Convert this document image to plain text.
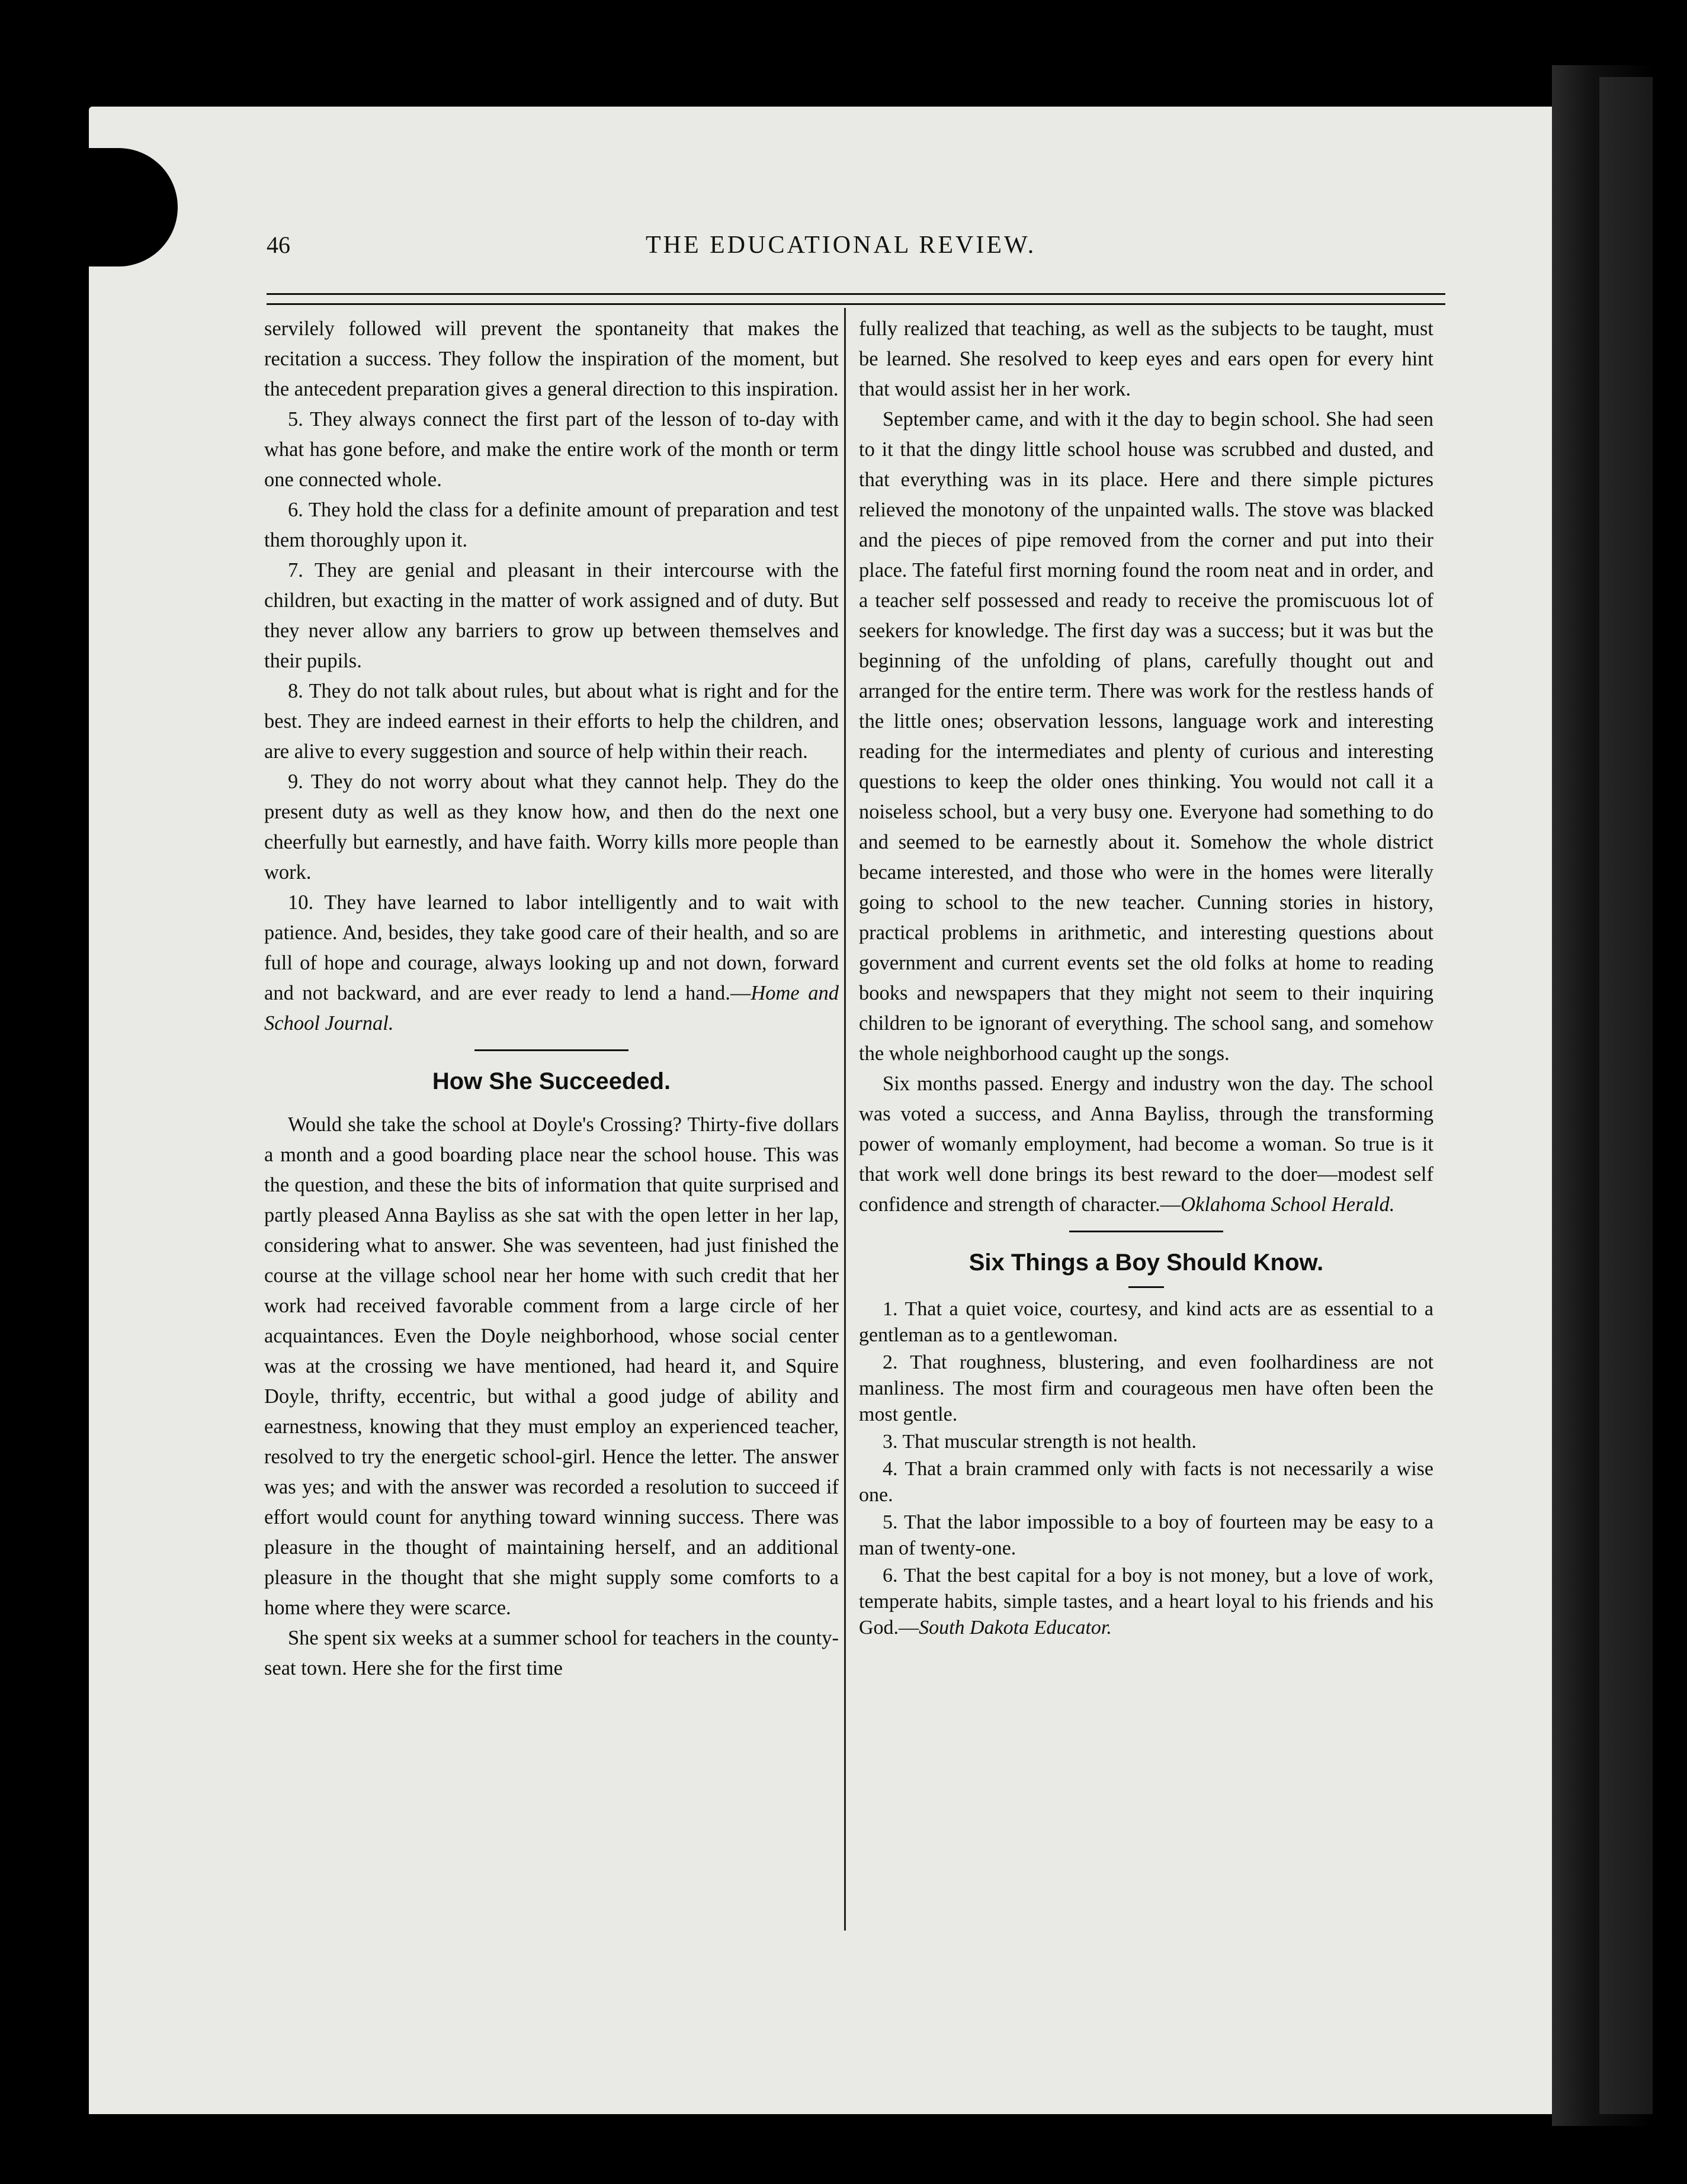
46	THE EDUCATIONAL REVIEW.

servilely followed will prevent the spontaneity that makes the recitation a success. They follow the inspiration of the moment, but the antecedent preparation gives a general direction to this inspiration.

5. They always connect the first part of the lesson of to-day with what has gone before, and make the entire work of the month or term one connected whole.

6. They hold the class for a definite amount of preparation and test them thoroughly upon it.

7. They are genial and pleasant in their intercourse with the children, but exacting in the matter of work assigned and of duty. But they never allow any barriers to grow up between themselves and their pupils.

8. They do not talk about rules, but about what is right and for the best. They are indeed earnest in their efforts to help the children, and are alive to every suggestion and source of help within their reach.

9. They do not worry about what they cannot help. They do the present duty as well as they know how, and then do the next one cheerfully but earnestly, and have faith. Worry kills more people than work.

10. They have learned to labor intelligently and to wait with patience. And, besides, they take good care of their health, and so are full of hope and courage, always looking up and not down, forward and not backward, and are ever ready to lend a hand.—Home and School Journal.

How She Succeeded.

Would she take the school at Doyle's Crossing? Thirty-five dollars a month and a good boarding place near the school house. This was the question, and these the bits of information that quite surprised and partly pleased Anna Bayliss as she sat with the open letter in her lap, considering what to answer. She was seventeen, had just finished the course at the village school near her home with such credit that her work had received favorable comment from a large circle of her acquaintances. Even the Doyle neighborhood, whose social center was at the crossing we have mentioned, had heard it, and Squire Doyle, thrifty, eccentric, but withal a good judge of ability and earnestness, knowing that they must employ an experienced teacher, resolved to try the energetic school-girl. Hence the letter. The answer was yes; and with the answer was recorded a resolution to succeed if effort would count for anything toward winning success. There was pleasure in the thought of maintaining herself, and an additional pleasure in the thought that she might supply some comforts to a home where they were scarce.

She spent six weeks at a summer school for teachers in the county-seat town. Here she for the first time

fully realized that teaching, as well as the subjects to be taught, must be learned. She resolved to keep eyes and ears open for every hint that would assist her in her work.

September came, and with it the day to begin school. She had seen to it that the dingy little school house was scrubbed and dusted, and that everything was in its place. Here and there simple pictures relieved the monotony of the unpainted walls. The stove was blacked and the pieces of pipe removed from the corner and put into their place. The fateful first morning found the room neat and in order, and a teacher self possessed and ready to receive the promiscuous lot of seekers for knowledge. The first day was a success; but it was but the beginning of the unfolding of plans, carefully thought out and arranged for the entire term. There was work for the restless hands of the little ones; observation lessons, language work and interesting reading for the intermediates and plenty of curious and interesting questions to keep the older ones thinking. You would not call it a noiseless school, but a very busy one. Everyone had something to do and seemed to be earnestly about it. Somehow the whole district became interested, and those who were in the homes were literally going to school to the new teacher. Cunning stories in history, practical problems in arithmetic, and interesting questions about government and current events set the old folks at home to reading books and newspapers that they might not seem to their inquiring children to be ignorant of everything. The school sang, and somehow the whole neighborhood caught up the songs.

Six months passed. Energy and industry won the day. The school was voted a success, and Anna Bayliss, through the transforming power of womanly employment, had become a woman. So true is it that work well done brings its best reward to the doer—modest self confidence and strength of character.—Oklahoma School Herald.

Six Things a Boy Should Know.

1. That a quiet voice, courtesy, and kind acts are as essential to a gentleman as to a gentlewoman.

2. That roughness, blustering, and even foolhardiness are not manliness. The most firm and courageous men have often been the most gentle.

3. That muscular strength is not health.

4. That a brain crammed only with facts is not necessarily a wise one.

5. That the labor impossible to a boy of fourteen may be easy to a man of twenty-one.

6. That the best capital for a boy is not money, but a love of work, temperate habits, simple tastes, and a heart loyal to his friends and his God.—South Dakota Educator.
